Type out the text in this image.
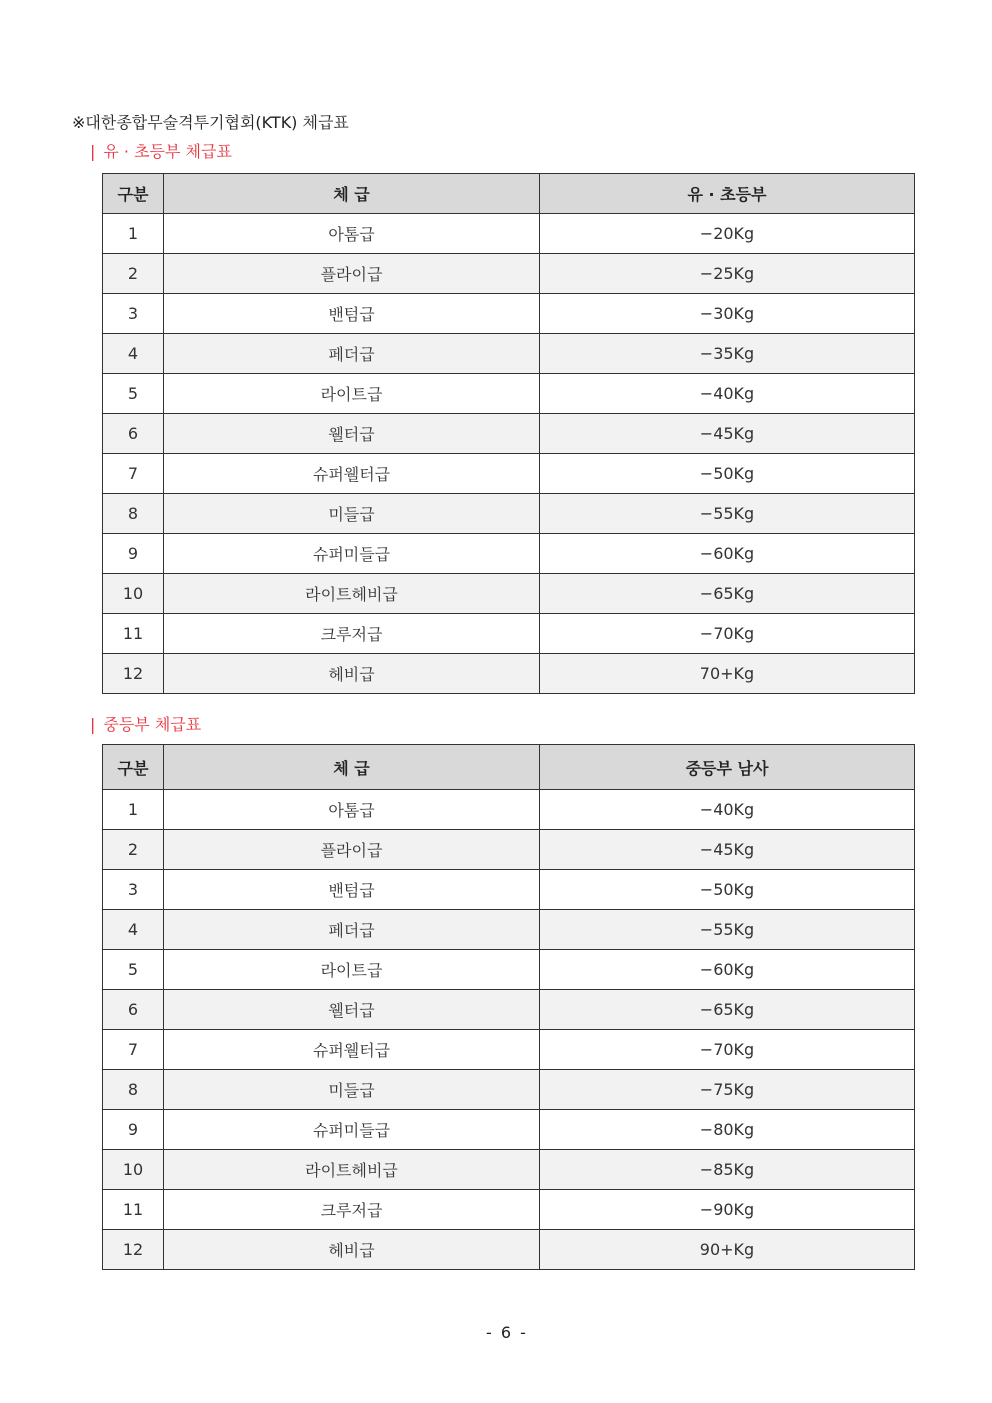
※대한종합무술격투기협회(KTK) 체급표
| 유 · 초등부 체급표
구분	체 급	유 · 초등부
1	아톰급	−20Kg
2	플라이급	−25Kg
3	밴텀급	−30Kg
4	페더급	−35Kg
5	라이트급	−40Kg
6	웰터급	−45Kg
7	슈퍼웰터급	−50Kg
8	미들급	−55Kg
9	슈퍼미들급	−60Kg
10	라이트헤비급	−65Kg
11	크루저급	−70Kg
12	헤비급	70+Kg
| 중등부 체급표
구분	체 급	중등부 남사
1	아톰급	−40Kg
2	플라이급	−45Kg
3	밴텀급	−50Kg
4	페더급	−55Kg
5	라이트급	−60Kg
6	웰터급	−65Kg
7	슈퍼웰터급	−70Kg
8	미들급	−75Kg
9	슈퍼미들급	−80Kg
10	라이트헤비급	−85Kg
11	크루저급	−90Kg
12	헤비급	90+Kg
- 6 -
